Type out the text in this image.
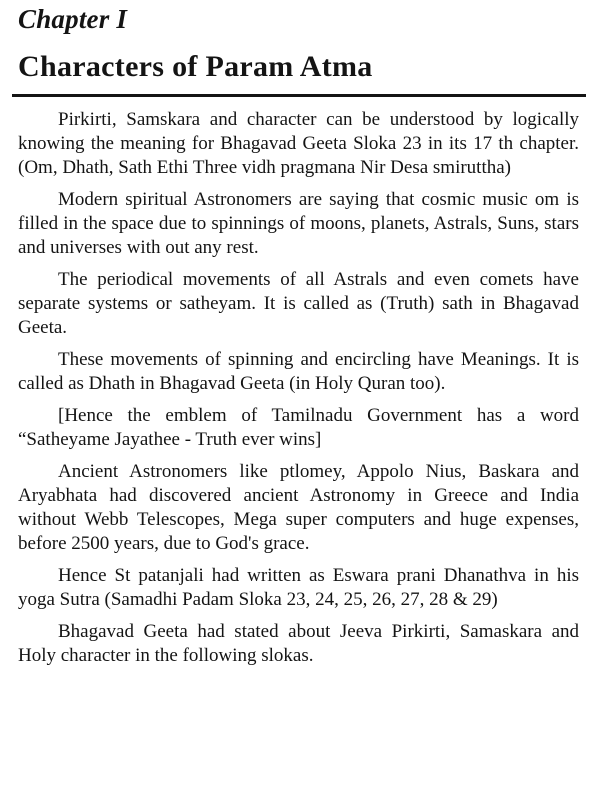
Chapter I
Characters of Param Atma

Pirkirti, Samskara and character can be understood by logically knowing the meaning for Bhagavad Geeta Sloka 23 in its 17 th chapter. (Om, Dhath, Sath Ethi Three vidh pragmana Nir Desa smiruttha)

Modern spiritual Astronomers are saying that cosmic music om is filled in the space due to spinnings of moons, planets, Astrals, Suns, stars and universes with out any rest.

The periodical movements of all Astrals and even comets have separate systems or satheyam. It is called as (Truth) sath in Bhagavad Geeta.

These movements of spinning and encircling have Meanings. It is called as Dhath in Bhagavad Geeta (in Holy Quran too).

[Hence the emblem of Tamilnadu Government has a word “Satheyame Jayathee - Truth ever wins]

Ancient Astronomers like ptlomey, Appolo Nius, Baskara and Aryabhata had discovered ancient Astronomy in Greece and India without Webb Telescopes, Mega super computers and huge expenses, before 2500 years, due to God's grace.

Hence St patanjali had written as Eswara prani Dhanathva in his yoga Sutra (Samadhi Padam Sloka 23, 24, 25, 26, 27, 28 & 29)

Bhagavad Geeta had stated about Jeeva Pirkirti, Samaskara and Holy character in the following slokas.
